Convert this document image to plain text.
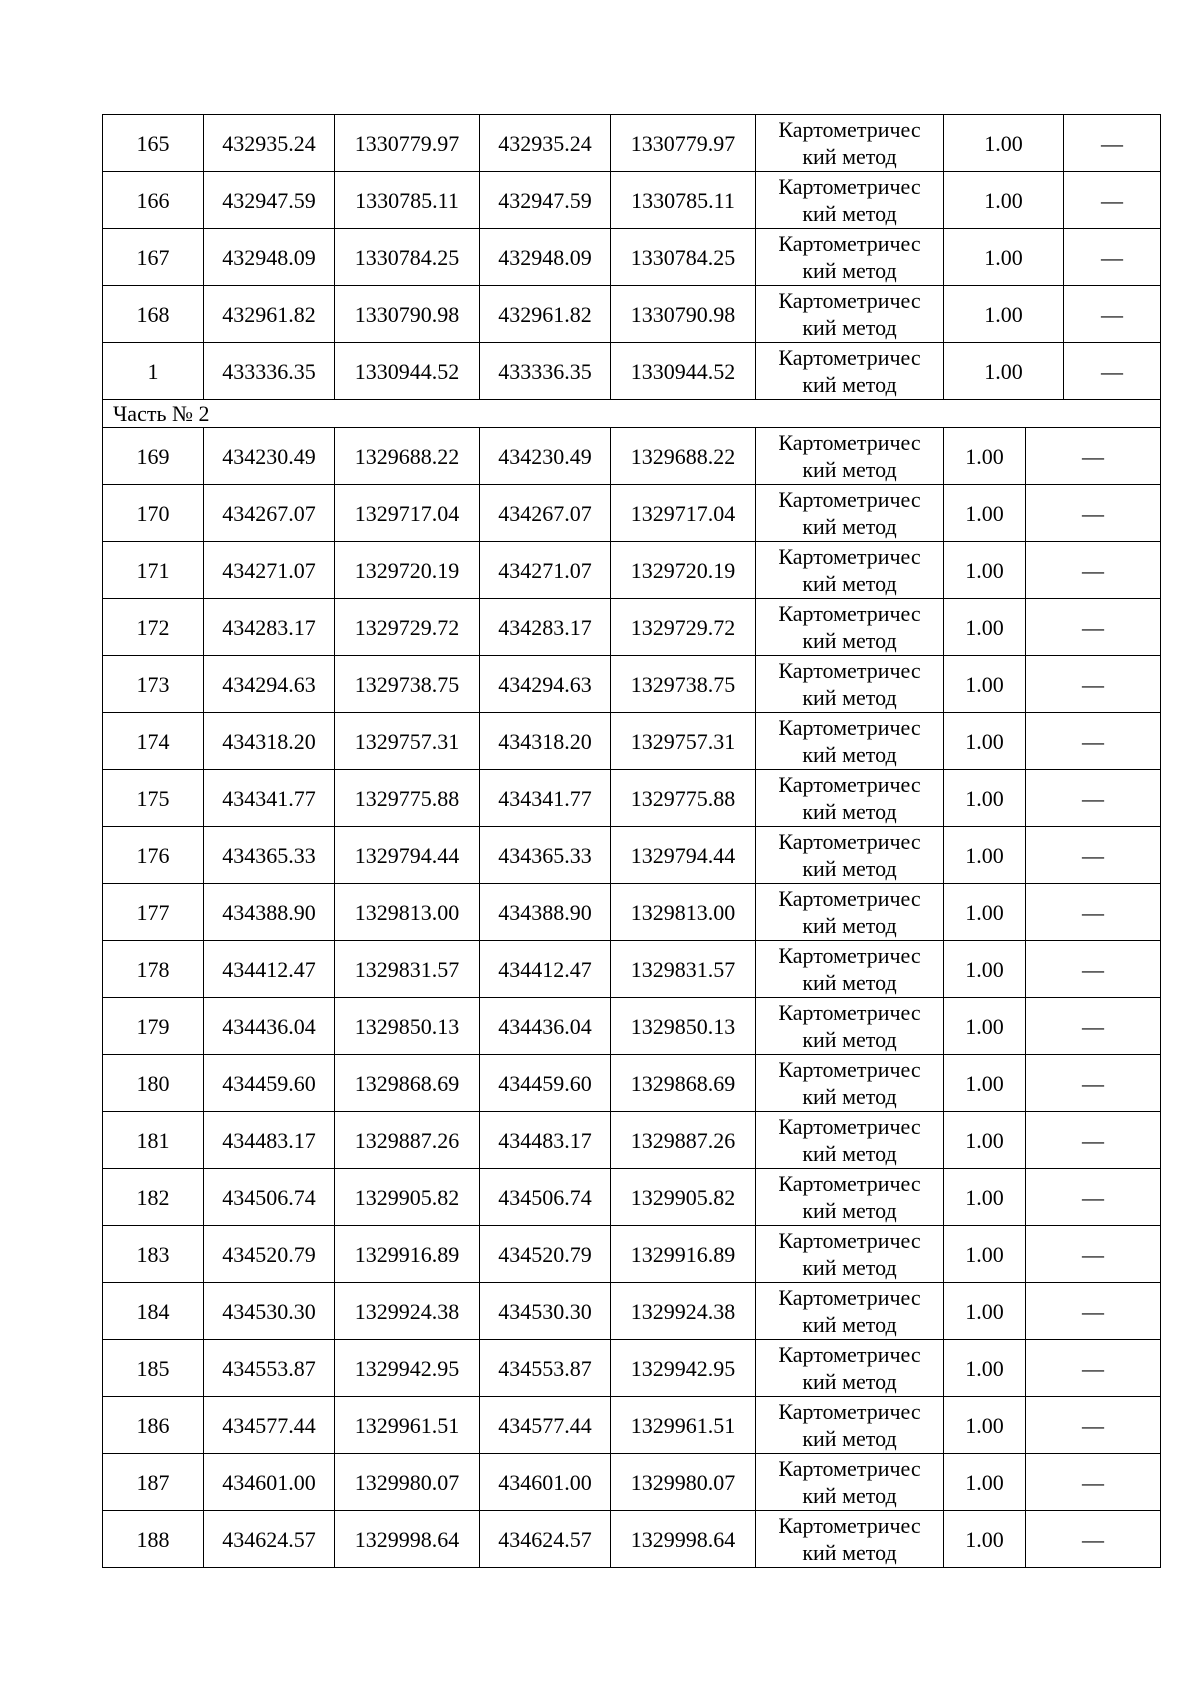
165	432935.24	1330779.97	432935.24	1330779.97	Картометричес
кий метод	1.00		—
166	432947.59	1330785.11	432947.59	1330785.11	Картометричес
кий метод	1.00		—
167	432948.09	1330784.25	432948.09	1330784.25	Картометричес
кий метод	1.00		—
168	432961.82	1330790.98	432961.82	1330790.98	Картометричес
кий метод	1.00		—
1	433336.35	1330944.52	433336.35	1330944.52	Картометричес
кий метод	1.00		—
Часть № 2								
169	434230.49	1329688.22	434230.49	1329688.22	Картометричес
кий метод	1.00	—	
170	434267.07	1329717.04	434267.07	1329717.04	Картометричес
кий метод	1.00	—	
171	434271.07	1329720.19	434271.07	1329720.19	Картометричес
кий метод	1.00	—	
172	434283.17	1329729.72	434283.17	1329729.72	Картометричес
кий метод	1.00	—	
173	434294.63	1329738.75	434294.63	1329738.75	Картометричес
кий метод	1.00	—	
174	434318.20	1329757.31	434318.20	1329757.31	Картометричес
кий метод	1.00	—	
175	434341.77	1329775.88	434341.77	1329775.88	Картометричес
кий метод	1.00	—	
176	434365.33	1329794.44	434365.33	1329794.44	Картометричес
кий метод	1.00	—	
177	434388.90	1329813.00	434388.90	1329813.00	Картометричес
кий метод	1.00	—	
178	434412.47	1329831.57	434412.47	1329831.57	Картометричес
кий метод	1.00	—	
179	434436.04	1329850.13	434436.04	1329850.13	Картометричес
кий метод	1.00	—	
180	434459.60	1329868.69	434459.60	1329868.69	Картометричес
кий метод	1.00	—	
181	434483.17	1329887.26	434483.17	1329887.26	Картометричес
кий метод	1.00	—	
182	434506.74	1329905.82	434506.74	1329905.82	Картометричес
кий метод	1.00	—	
183	434520.79	1329916.89	434520.79	1329916.89	Картометричес
кий метод	1.00	—	
184	434530.30	1329924.38	434530.30	1329924.38	Картометричес
кий метод	1.00	—	
185	434553.87	1329942.95	434553.87	1329942.95	Картометричес
кий метод	1.00	—	
186	434577.44	1329961.51	434577.44	1329961.51	Картометричес
кий метод	1.00	—	
187	434601.00	1329980.07	434601.00	1329980.07	Картометричес
кий метод	1.00	—	
188	434624.57	1329998.64	434624.57	1329998.64	Картометричес
кий метод	1.00	—	
